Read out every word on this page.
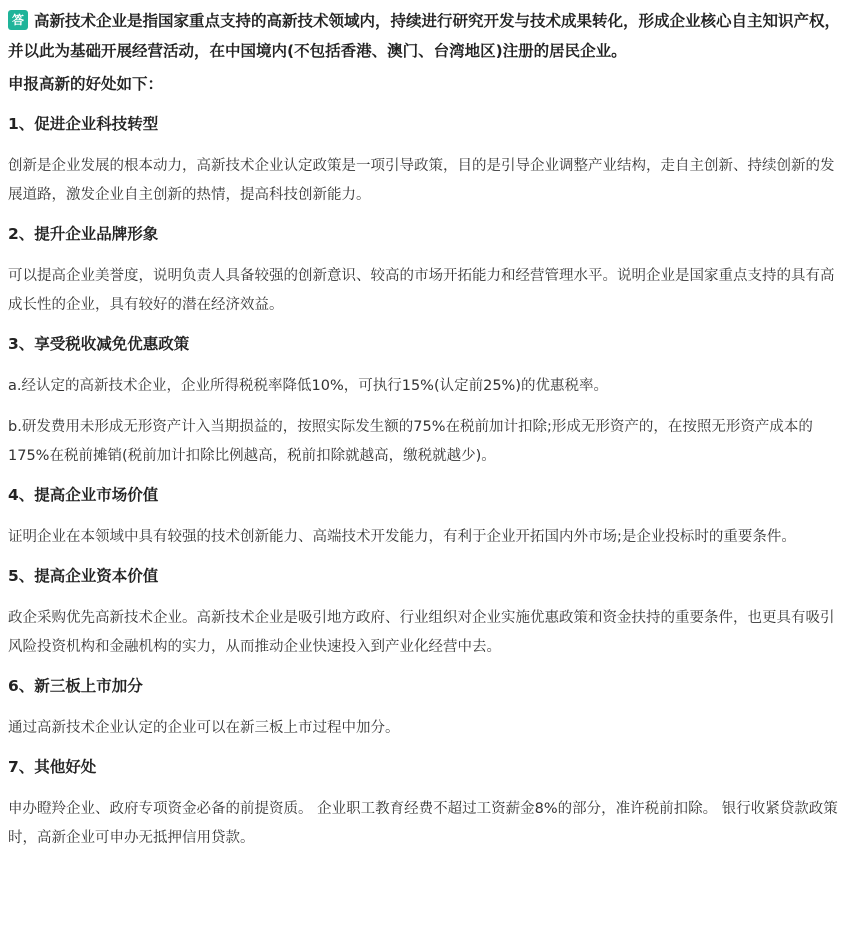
答 高新技术企业是指国家重点支持的高新技术领域内，持续进行研究开发与技术成果转化，形成企业核心自主知识产权，并以此为基础开展经营活动，在中国境内(不包括香港、澳门、台湾地区)注册的居民企业。

申报高新的好处如下：
1、促进企业科技转型

创新是企业发展的根本动力，高新技术企业认定政策是一项引导政策，目的是引导企业调整产业结构，走自主创新、持续创新的发展道路，激发企业自主创新的热情，提高科技创新能力。

2、提升企业品牌形象

可以提高企业美誉度，说明负责人具备较强的创新意识、较高的市场开拓能力和经营管理水平。说明企业是国家重点支持的具有高成长性的企业，具有较好的潜在经济效益。

3、享受税收减免优惠政策

a.经认定的高新技术企业，企业所得税税率降低10%，可执行15%(认定前25%)的优惠税率。

b.研发费用未形成无形资产计入当期损益的，按照实际发生额的75%在税前加计扣除;形成无形资产的，在按照无形资产成本的175%在税前摊销(税前加计扣除比例越高，税前扣除就越高，缴税就越少)。

4、提高企业市场价值

证明企业在本领域中具有较强的技术创新能力、高端技术开发能力，有利于企业开拓国内外市场;是企业投标时的重要条件。

5、提高企业资本价值

政企采购优先高新技术企业。高新技术企业是吸引地方政府、行业组织对企业实施优惠政策和资金扶持的重要条件，也更具有吸引风险投资机构和金融机构的实力，从而推动企业快速投入到产业化经营中去。

6、新三板上市加分

通过高新技术企业认定的企业可以在新三板上市过程中加分。

7、其他好处

申办瞪羚企业、政府专项资金必备的前提资质。 企业职工教育经费不超过工资薪金8%的部分，准许税前扣除。 银行收紧贷款政策时，高新企业可申办无抵押信用贷款。
